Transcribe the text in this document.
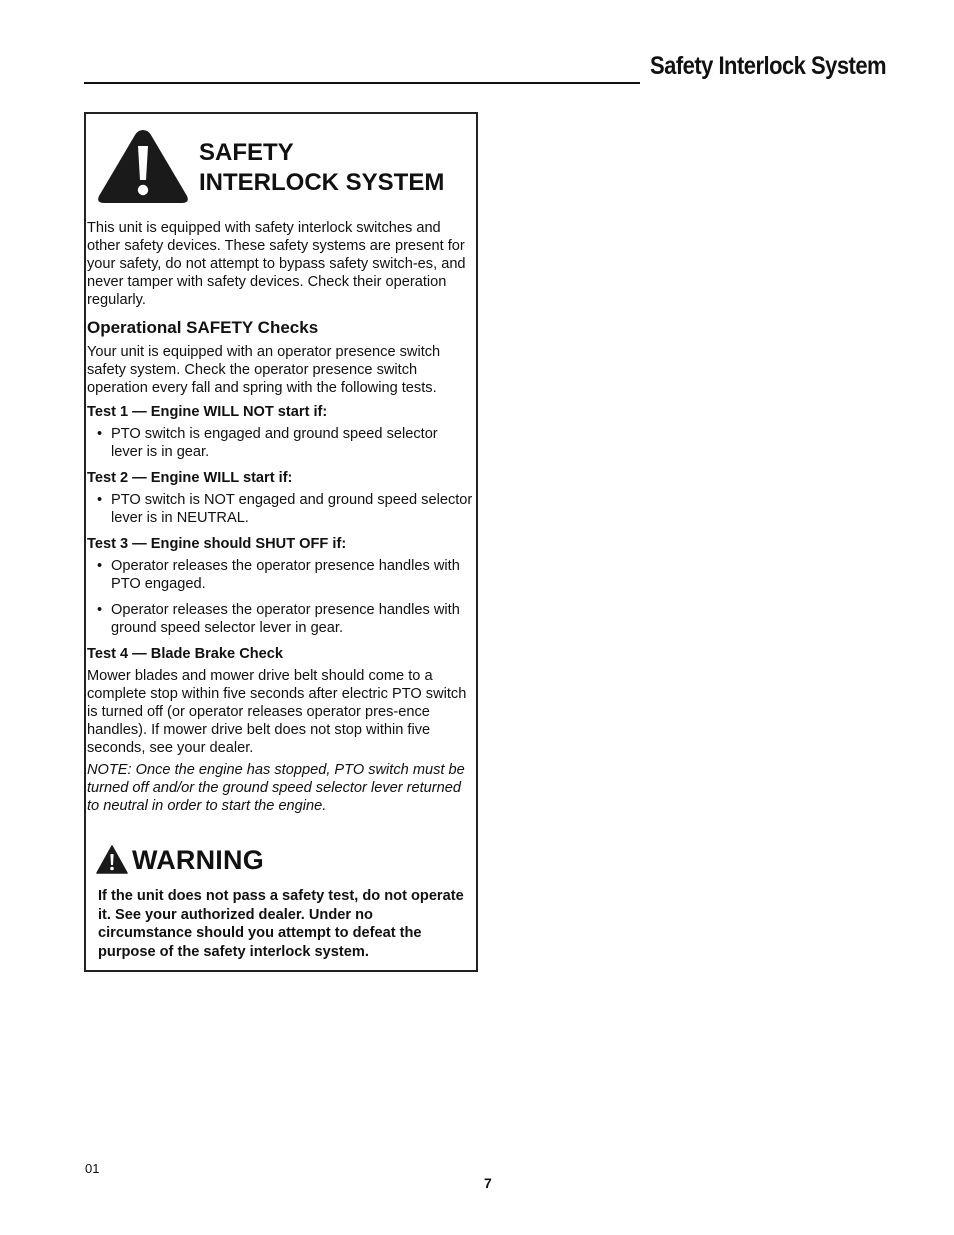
Safety Interlock System
SAFETY
INTERLOCK SYSTEM

This unit is equipped with safety interlock switches and other safety devices. These safety systems are present for your safety, do not attempt to bypass safety switch-es, and never tamper with safety devices. Check their operation regularly.

Operational SAFETY Checks

Your unit is equipped with an operator presence switch safety system. Check the operator presence switch operation every fall and spring with the following tests.

Test 1 — Engine WILL NOT start if:

• PTO switch is engaged and ground speed selector lever is in gear.

Test 2 — Engine WILL start if:

• PTO switch is NOT engaged and ground speed selector lever is in NEUTRAL.

Test 3 — Engine should SHUT OFF if:

• Operator releases the operator presence handles with PTO engaged.

• Operator releases the operator presence handles with ground speed selector lever in gear.

Test 4 — Blade Brake Check

Mower blades and mower drive belt should come to a complete stop within five seconds after electric PTO switch is turned off (or operator releases operator pres-ence handles). If mower drive belt does not stop within five seconds, see your dealer.

NOTE: Once the engine has stopped, PTO switch must be turned off and/or the ground speed selector lever returned to neutral in order to start the engine.

WARNING
If the unit does not pass a safety test, do not operate it. See your authorized dealer. Under no circumstance should you attempt to defeat the purpose of the safety interlock system.
01
7
